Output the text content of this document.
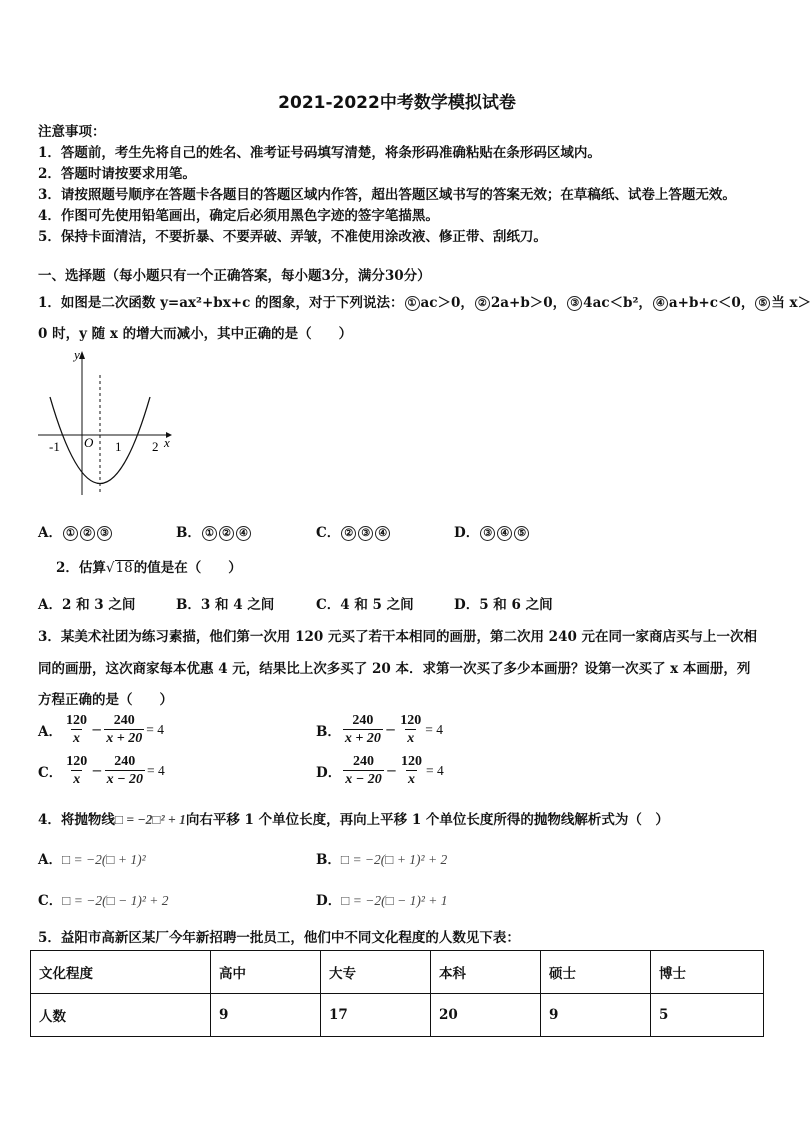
2021-2022中考数学模拟试卷
注意事项：
1．答题前，考生先将自己的姓名、准考证号码填写清楚，将条形码准确粘贴在条形码区域内。
2．答题时请按要求用笔。
3．请按照题号顺序在答题卡各题目的答题区域内作答，超出答题区域书写的答案无效；在草稿纸、试卷上答题无效。
4．作图可先使用铅笔画出，确定后必须用黑色字迹的签字笔描黑。
5．保持卡面清洁，不要折暴、不要弄破、弄皱，不准使用涂改液、修正带、刮纸刀。
一、选择题（每小题只有一个正确答案，每小题3分，满分30分）
1．如图是二次函数 y=ax²+bx+c 的图象，对于下列说法： ① ac＞0， ② 2a+b＞0， ③ 4ac＜b²， ④ a+b+c＜0， ⑤ 当 x＞
0 时，y 随 x 的增大而减小，其中正确的是（　　）
y
x
O
-1	1 2
A． ① ② ③	B． ① ② ④	C． ② ③ ④	D． ③ ④ ⑤
2．估算√18的值是在（　　）
A．2 和 3 之间	B．3 和 4 之间	C．4 和 5 之间	D．5 和 6 之间
3．某美术社团为练习素描，他们第一次用 120 元买了若干本相同的画册，第二次用 240 元在同一家商店买与上一次相
同的画册，这次商家每本优惠 4 元，结果比上次多买了 20 本．求第一次买了多少本画册？设第一次买了 x 本画册，列
方程正确的是（　　）
A． $\frac{120}{x} - \frac{240}{x + 20} = 4$	B． $\frac{240}{x + 20} - \frac{120}{x} = 4$
C． $\frac{120}{x} - \frac{240}{x - 20} = 4$	D． $\frac{240}{x - 20} - \frac{120}{x} = 4$
4．将抛物线□ = −2□² + 1向右平移 1 个单位长度，再向上平移 1 个单位长度所得的抛物线解析式为（　）
A．□ = −2(□ + 1)²	B．□ = −2(□ + 1)² + 2
C．□ = −2(□ − 1)² + 2	D．□ = −2(□ − 1)² + 1
5．益阳市高新区某厂今年新招聘一批员工，他们中不同文化程度的人数见下表：
文化程度	高中	大专	本科	硕士	博士
人数	9	17	20	9	5
